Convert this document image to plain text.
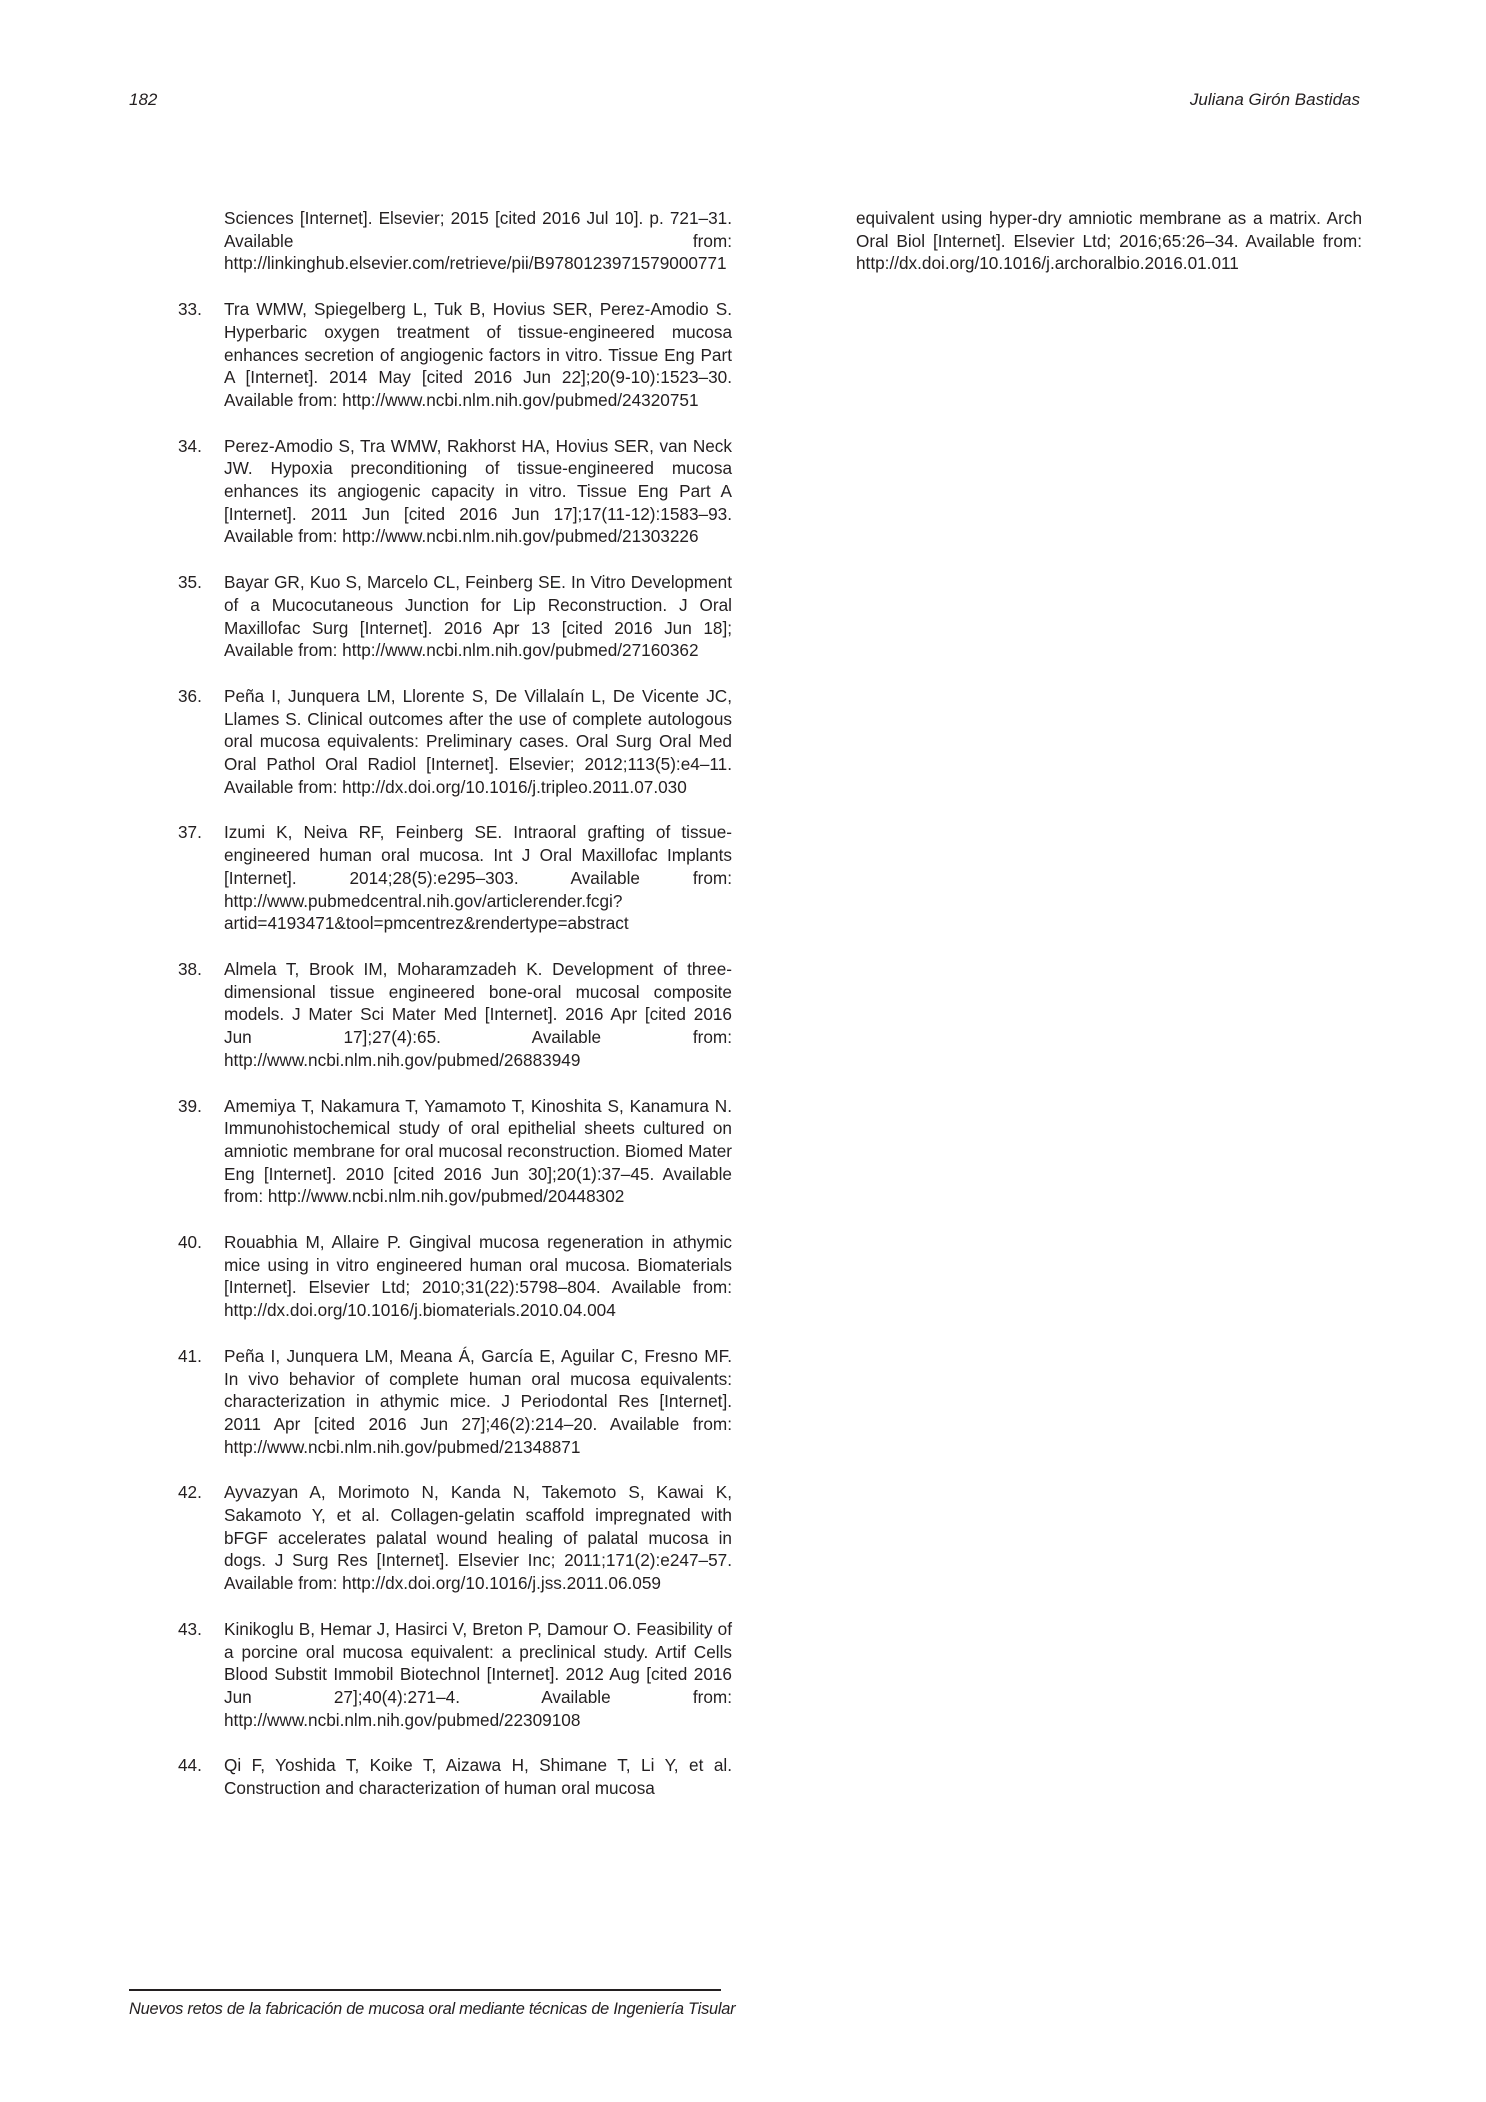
182	Juliana Girón Bastidas
Sciences [Internet]. Elsevier; 2015 [cited 2016 Jul 10]. p. 721–31. Available from: http://linkinghub.elsevier.com/retrieve/pii/B9780123971579000771
33.	Tra WMW, Spiegelberg L, Tuk B, Hovius SER, Perez-Amodio S. Hyperbaric oxygen treatment of tissue-engineered mucosa enhances secretion of angiogenic factors in vitro. Tissue Eng Part A [Internet]. 2014 May [cited 2016 Jun 22];20(9-10):1523–30. Available from: http://www.ncbi.nlm.nih.gov/pubmed/24320751
34.	Perez-Amodio S, Tra WMW, Rakhorst HA, Hovius SER, van Neck JW. Hypoxia preconditioning of tissue-engineered mucosa enhances its angiogenic capacity in vitro. Tissue Eng Part A [Internet]. 2011 Jun [cited 2016 Jun 17];17(11-12):1583–93. Available from: http://www.ncbi.nlm.nih.gov/pubmed/21303226
35.	Bayar GR, Kuo S, Marcelo CL, Feinberg SE. In Vitro Development of a Mucocutaneous Junction for Lip Reconstruction. J Oral Maxillofac Surg [Internet]. 2016 Apr 13 [cited 2016 Jun 18]; Available from: http://www.ncbi.nlm.nih.gov/pubmed/27160362
36.	Peña I, Junquera LM, Llorente S, De Villalaín L, De Vicente JC, Llames S. Clinical outcomes after the use of complete autologous oral mucosa equivalents: Preliminary cases. Oral Surg Oral Med Oral Pathol Oral Radiol [Internet]. Elsevier; 2012;113(5):e4–11. Available from: http://dx.doi.org/10.1016/j.tripleo.2011.07.030
37.	Izumi K, Neiva RF, Feinberg SE. Intraoral grafting of tissue-engineered human oral mucosa. Int J Oral Maxillofac Implants [Internet]. 2014;28(5):e295–303. Available from: http://www.pubmedcentral.nih.gov/articlerender.fcgi?artid=4193471&tool=pmcentrez&rendertype=abstract
38.	Almela T, Brook IM, Moharamzadeh K. Development of three-dimensional tissue engineered bone-oral mucosal composite models. J Mater Sci Mater Med [Internet]. 2016 Apr [cited 2016 Jun 17];27(4):65. Available from: http://www.ncbi.nlm.nih.gov/pubmed/26883949
39.	Amemiya T, Nakamura T, Yamamoto T, Kinoshita S, Kanamura N. Immunohistochemical study of oral epithelial sheets cultured on amniotic membrane for oral mucosal reconstruction. Biomed Mater Eng [Internet]. 2010 [cited 2016 Jun 30];20(1):37–45. Available from: http://www.ncbi.nlm.nih.gov/pubmed/20448302
40.	Rouabhia M, Allaire P. Gingival mucosa regeneration in athymic mice using in vitro engineered human oral mucosa. Biomaterials [Internet]. Elsevier Ltd; 2010;31(22):5798–804. Available from: http://dx.doi.org/10.1016/j.biomaterials.2010.04.004
41.	Peña I, Junquera LM, Meana Á, García E, Aguilar C, Fresno MF. In vivo behavior of complete human oral mucosa equivalents: characterization in athymic mice. J Periodontal Res [Internet]. 2011 Apr [cited 2016 Jun 27];46(2):214–20. Available from: http://www.ncbi.nlm.nih.gov/pubmed/21348871
42.	Ayvazyan A, Morimoto N, Kanda N, Takemoto S, Kawai K, Sakamoto Y, et al. Collagen-gelatin scaffold impregnated with bFGF accelerates palatal wound healing of palatal mucosa in dogs. J Surg Res [Internet]. Elsevier Inc; 2011;171(2):e247–57. Available from: http://dx.doi.org/10.1016/j.jss.2011.06.059
43.	Kinikoglu B, Hemar J, Hasirci V, Breton P, Damour O. Feasibility of a porcine oral mucosa equivalent: a preclinical study. Artif Cells Blood Substit Immobil Biotechnol [Internet]. 2012 Aug [cited 2016 Jun 27];40(4):271–4. Available from: http://www.ncbi.nlm.nih.gov/pubmed/22309108
44.	Qi F, Yoshida T, Koike T, Aizawa H, Shimane T, Li Y, et al. Construction and characterization of human oral mucosa
equivalent using hyper-dry amniotic membrane as a matrix. Arch Oral Biol [Internet]. Elsevier Ltd; 2016;65:26–34. Available from: http://dx.doi.org/10.1016/j.archoralbio.2016.01.011
Nuevos retos de la fabricación de mucosa oral mediante técnicas de Ingeniería Tisular
